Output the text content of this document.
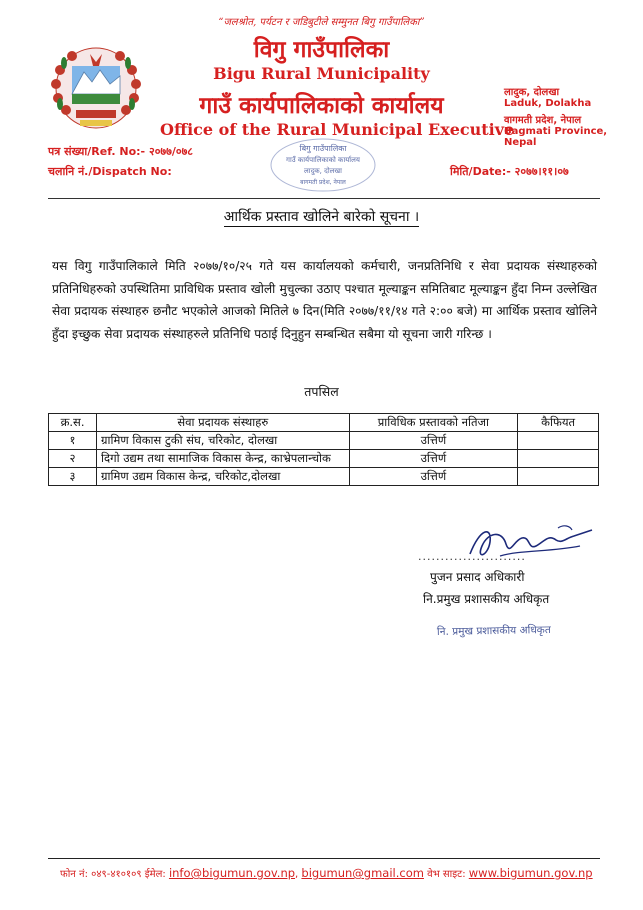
“जलश्रोत, पर्यटन र जडिबुटीले सम्मुनत बिगु गाउँपालिका”
विगु गाउँपालिका
Bigu Rural Municipality
गाउँ कार्यपालिकाको कार्यालय
Office of the Rural Municipal Executive
लादुक, दोलखा
Laduk, Dolakha
वागमती प्रदेश, नेपाल
Bagmati Province, Nepal
पत्र संख्या/Ref. No:- २०७७/०७८
चलानि नं./Dispatch No:	मिति/Date:- २०७७।११।०७
बिगु गाउँपालिका
गाउँ कार्यपालिकाको कार्यालय
लादुक, दोलखा
बागमती प्रदेश, नेपाल
आर्थिक प्रस्ताव खोलिने बारेको सूचना ।
यस विगु गाउँपालिकाले मिति २०७७/१०/२५ गते यस कार्यालयको कर्मचारी, जनप्रतिनिधि र सेवा प्रदायक संस्थाहरुको प्रतिनिधिहरुको उपस्थितिमा प्राविधिक प्रस्ताव खोली मुचुल्का उठाए पश्चात मूल्याङ्कन समितिबाट मूल्याङ्कन हुँदा निम्न उल्लेखित सेवा प्रदायक संस्थाहरु छनौट भएकोले आजको मितिले ७ दिन(मिति २०७७/११/१४ गते २:०० बजे) मा आर्थिक प्रस्ताव खोलिने हुँदा इच्छुक सेवा प्रदायक संस्थाहरुले प्रतिनिधि पठाई दिनुहुन सम्बन्धित सबैमा यो सूचना जारी गरिन्छ ।
तपसिल
क्र.स.	सेवा प्रदायक संस्थाहरु	प्राविधिक प्रस्तावको नतिजा	कैफियत
१	ग्रामिण विकास टुकी संघ, चरिकोट, दोलखा	उत्तिर्ण	
२	दिगो उद्यम तथा सामाजिक विकास केन्द्र, काभ्रेपलान्चोक	उत्तिर्ण	
३	ग्रामिण उद्यम विकास केन्द्र, चरिकोट,दोलखा	उत्तिर्ण	
........................
पुजन प्रसाद अधिकारी
नि.प्रमुख प्रशासकीय अधिकृत
नि. प्रमुख प्रशासकीय अधिकृत
फोन नं: ०४९-४१०१०९ ईमेल: info@bigumun.gov.np, bigumun@gmail.com वेभ साइट: www.bigumun.gov.np
